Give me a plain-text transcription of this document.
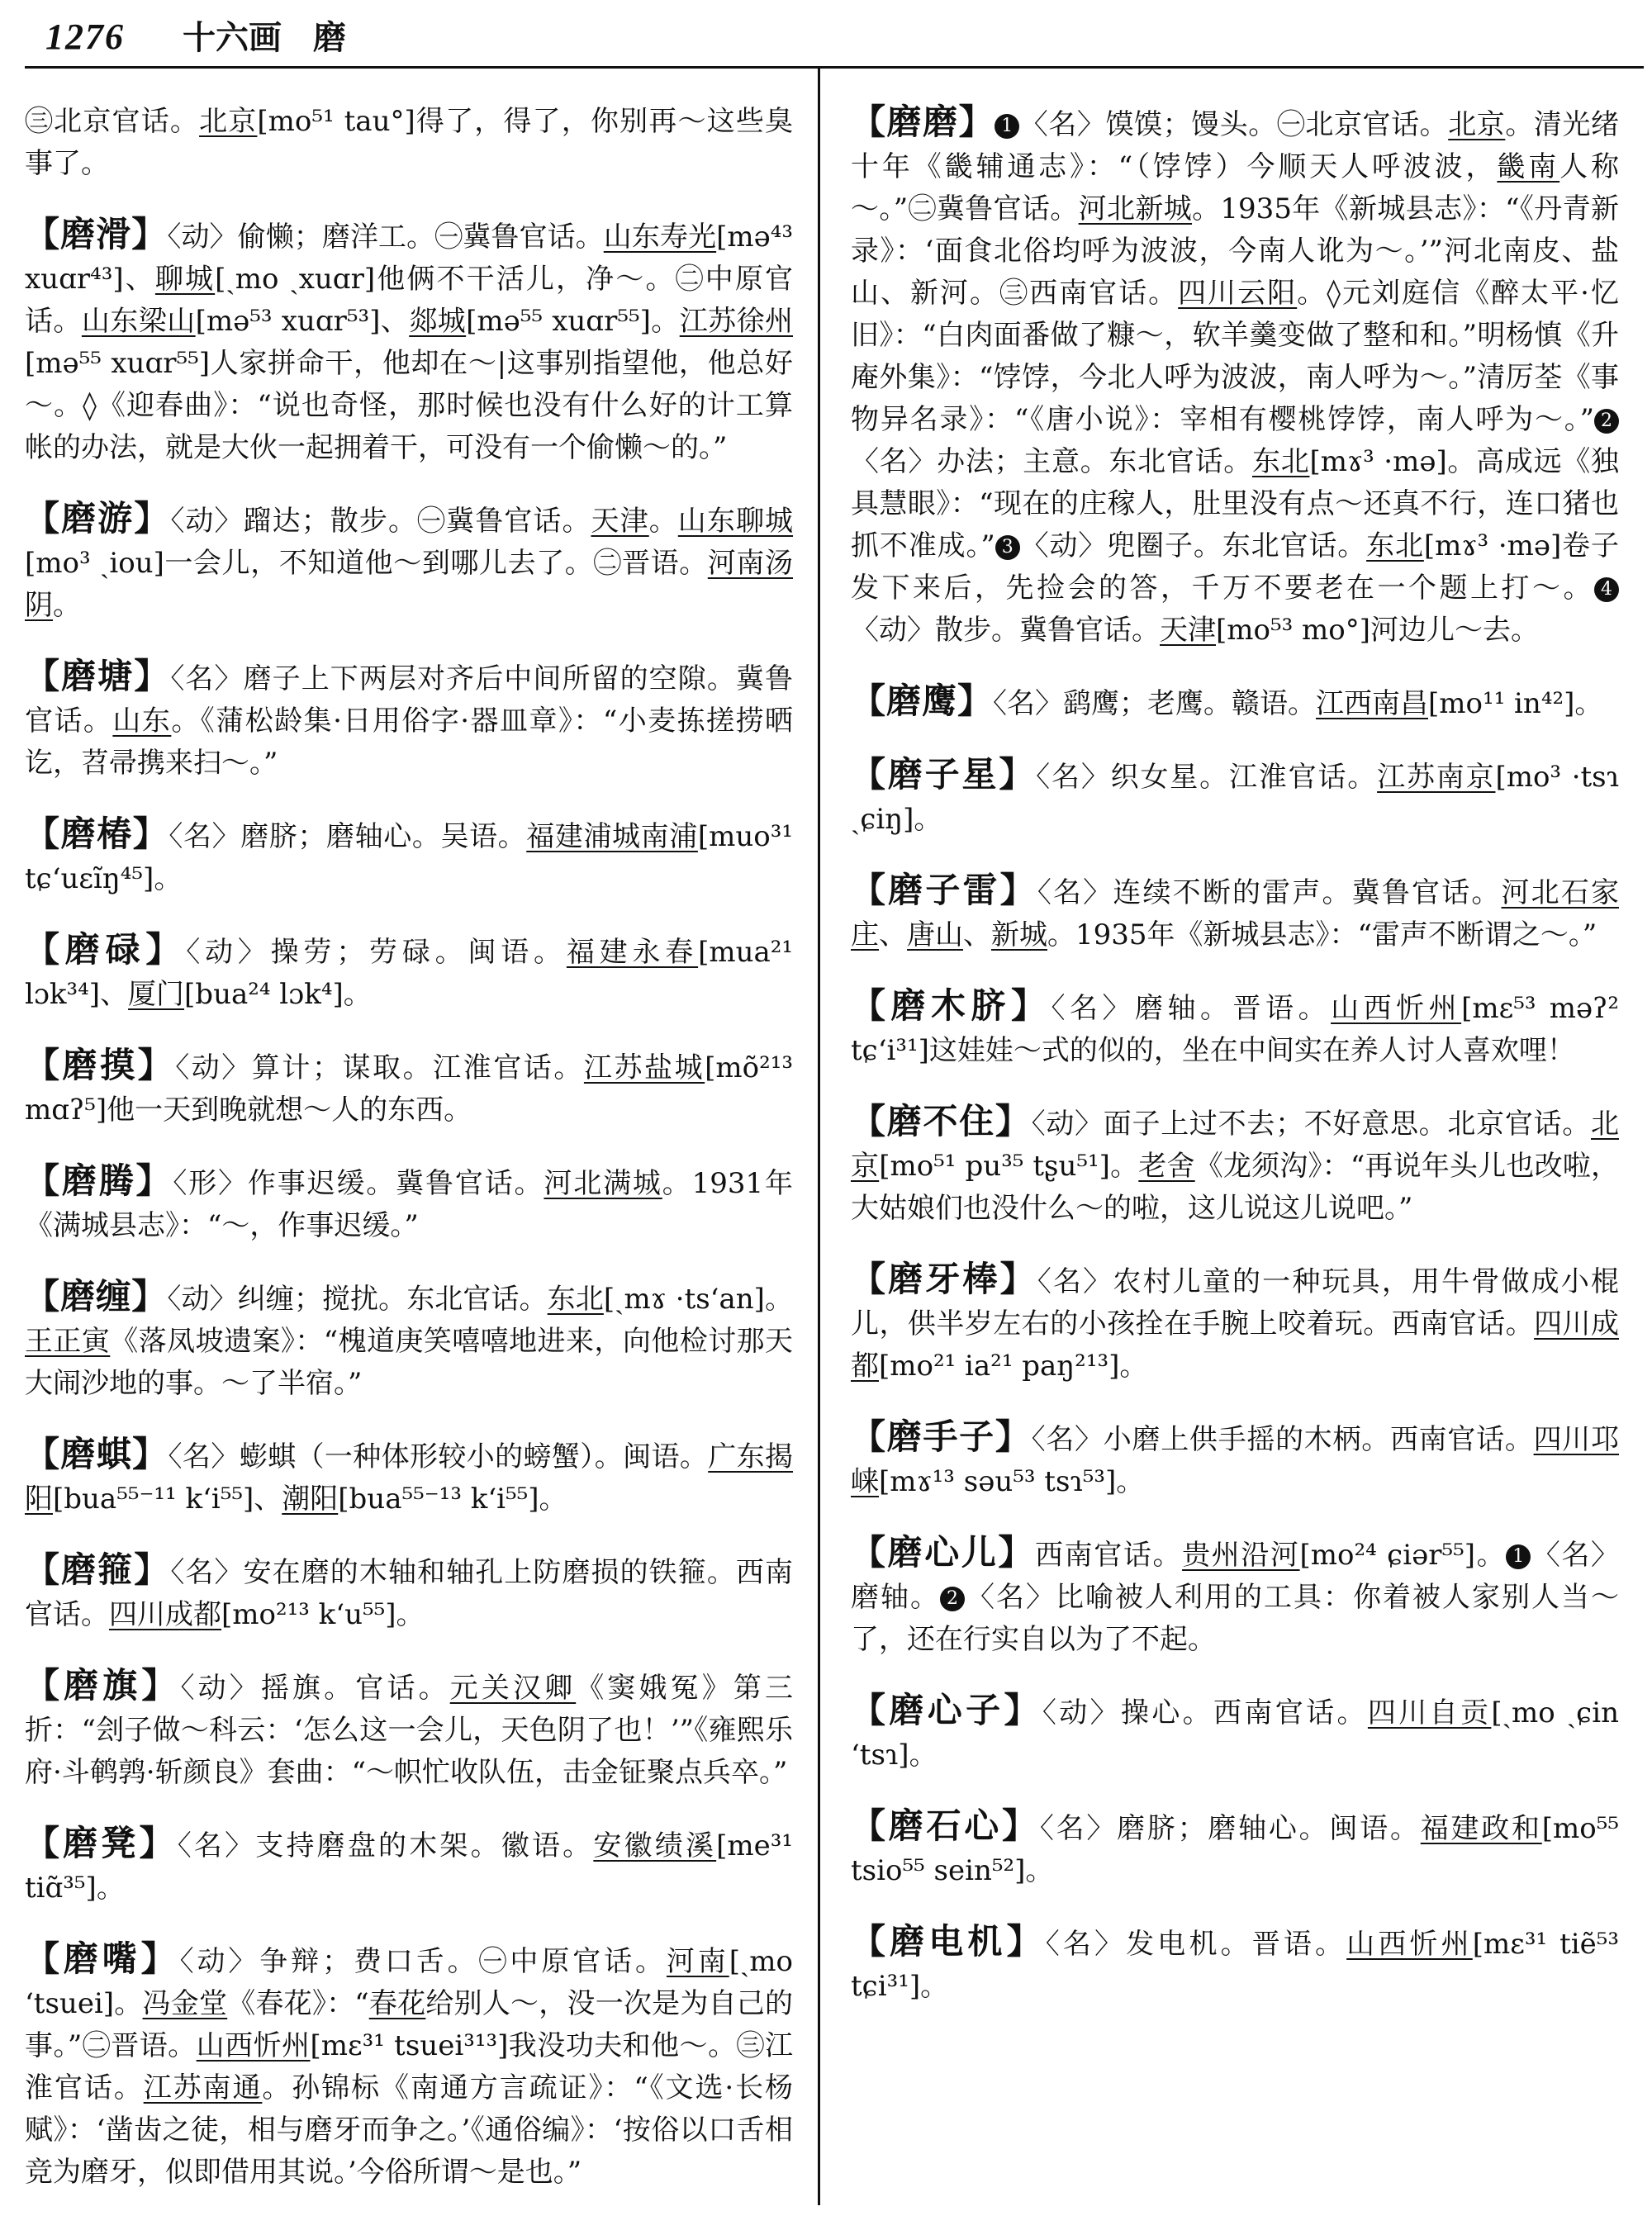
1276 十六画 磨

㊂北京官话。北京[mo⁵¹ tau°]得了，得了，你别再～这些臭事了。

【磨滑】〈动〉偷懒；磨洋工。㊀冀鲁官话。山东寿光[mə⁴³ xuɑr⁴³]、聊城[ˏmo ˏxuɑr]他俩不干活儿，净～。㊁中原官话。山东梁山[mə⁵³ xuɑr⁵³]、郯城[mə⁵⁵ xuɑr⁵⁵]。江苏徐州[mə⁵⁵ xuɑr⁵⁵]人家拼命干，他却在～|这事别指望他，他总好～。◊《迎春曲》：“说也奇怪，那时候也没有什么好的计工算帐的办法，就是大伙一起拥着干，可没有一个偷懒～的。”

【磨游】〈动〉蹓达；散步。㊀冀鲁官话。天津。山东聊城[mo³ ˏiou]一会儿，不知道他～到哪儿去了。㊁晋语。河南汤阴。

【磨塘】〈名〉磨子上下两层对齐后中间所留的空隙。冀鲁官话。山东。《蒲松龄集·日用俗字·器皿章》：“小麦拣搓捞晒讫，苕帚携来扫～。”

【磨椿】〈名〉磨脐；磨轴心。吴语。福建浦城南浦[muo³¹ tɕʻuɛĩŋ⁴⁵]。

【磨碌】〈动〉操劳；劳碌。闽语。福建永春[mua²¹ lɔk³⁴]、厦门[bua²⁴ lɔk⁴]。

【磨摸】〈动〉算计；谋取。江淮官话。江苏盐城[mõ²¹³ mɑʔ⁵]他一天到晚就想～人的东西。

【磨腾】〈形〉作事迟缓。冀鲁官话。河北满城。1931年《满城县志》：“～，作事迟缓。”

【磨缠】〈动〉纠缠；搅扰。东北官话。东北[ˏmɤ ·tsʻan]。王正寅《落凤坡遗案》：“槐道庚笑嘻嘻地进来，向他检讨那天大闹沙地的事。～了半宿。”

【磨蜞】〈名〉蟛蜞（一种体形较小的螃蟹）。闽语。广东揭阳[bua⁵⁵⁻¹¹ kʻi⁵⁵]、潮阳[bua⁵⁵⁻¹³ kʻi⁵⁵]。

【磨箍】〈名〉安在磨的木轴和轴孔上防磨损的铁箍。西南官话。四川成都[mo²¹³ kʻu⁵⁵]。

【磨旗】〈动〉摇旗。官话。元关汉卿《窦娥冤》第三折：“刽子做～科云：‘怎么这一会儿，天色阴了也！’”《雍熙乐府·斗鹌鹑·斩颜良》套曲：“～帜忙收队伍，击金钲聚点兵卒。”

【磨凳】〈名〉支持磨盘的木架。徽语。安徽绩溪[me³¹ tiɑ̃³⁵]。

【磨嘴】〈动〉争辩；费口舌。㊀中原官话。河南[ˏmo ʻtsuei]。冯金堂《春花》：“春花给别人～，没一次是为自己的事。”㊁晋语。山西忻州[mɛ³¹ tsuei³¹³]我没功夫和他～。㊂江淮官话。江苏南通。孙锦标《南通方言疏证》：“《文选·长杨赋》：‘凿齿之徒，相与磨牙而争之。’《通俗编》：‘按俗以口舌相竞为磨牙，似即借用其说。’今俗所谓～是也。”

【磨磨】 1 〈名〉馍馍；馒头。㊀北京官话。北京。清光绪十年《畿辅通志》：“（饽饽）今顺天人呼波波，畿南人称～。”㊁冀鲁官话。河北新城。1935年《新城县志》：“《丹青新录》：‘面食北俗均呼为波波，今南人讹为～。’”河北南皮、盐山、新河。㊂西南官话。四川云阳。◊元刘庭信《醉太平·忆旧》：“白肉面番做了糠～，软羊羹变做了整和和。”明杨慎《升庵外集》：“饽饽，今北人呼为波波，南人呼为～。”清厉荃《事物异名录》：“《唐小说》：宰相有樱桃饽饽，南人呼为～。” 2〈名〉办法；主意。东北官话。东北[mɤ³ ·mə]。高成远《独具慧眼》：“现在的庄稼人，肚里没有点～还真不行，连口猪也抓不准成。” 3 〈动〉兜圈子。东北官话。东北[mɤ³ ·mə]卷子发下来后，先捡会的答，千万不要老在一个题上打～。 4〈动〉散步。冀鲁官话。天津[mo⁵³ mo°]河边儿～去。

【磨鹰】〈名〉鹞鹰；老鹰。赣语。江西南昌[mo¹¹ in⁴²]。

【磨子星】〈名〉织女星。江淮官话。江苏南京[mo³ ·tsɿ ˏɕiŋ]。

【磨子雷】〈名〉连续不断的雷声。冀鲁官话。河北石家庄、唐山、新城。1935年《新城县志》：“雷声不断谓之～。”

【磨木脐】〈名〉磨轴。晋语。山西忻州[mɛ⁵³ məʔ² tɕʻi³¹]这娃娃～式的似的，坐在中间实在养人讨人喜欢哩！

【磨不住】〈动〉面子上过不去；不好意思。北京官话。北京[mo⁵¹ pu³⁵ tʂu⁵¹]。老舍《龙须沟》：“再说年头儿也改啦，大姑娘们也没什么～的啦，这儿说这儿说吧。”

【磨牙棒】〈名〉农村儿童的一种玩具，用牛骨做成小棍儿，供半岁左右的小孩拴在手腕上咬着玩。西南官话。四川成都[mo²¹ ia²¹ paŋ²¹³]。

【磨手子】〈名〉小磨上供手摇的木柄。西南官话。四川邛崃[mɤ¹³ səu⁵³ tsɿ⁵³]。

【磨心儿】西南官话。贵州沿河[mo²⁴ ɕiər⁵⁵]。 1 〈名〉磨轴。 2 〈名〉比喻被人利用的工具：你着被人家别人当～了，还在行实自以为了不起。

【磨心子】〈动〉操心。西南官话。四川自贡[ˏmo ˏɕin ʻtsɿ]。

【磨石心】〈名〉磨脐；磨轴心。闽语。福建政和[mo⁵⁵ tsio⁵⁵ sein⁵²]。

【磨电机】〈名〉发电机。晋语。山西忻州[mɛ³¹ tiẽ⁵³ tɕi³¹]。
